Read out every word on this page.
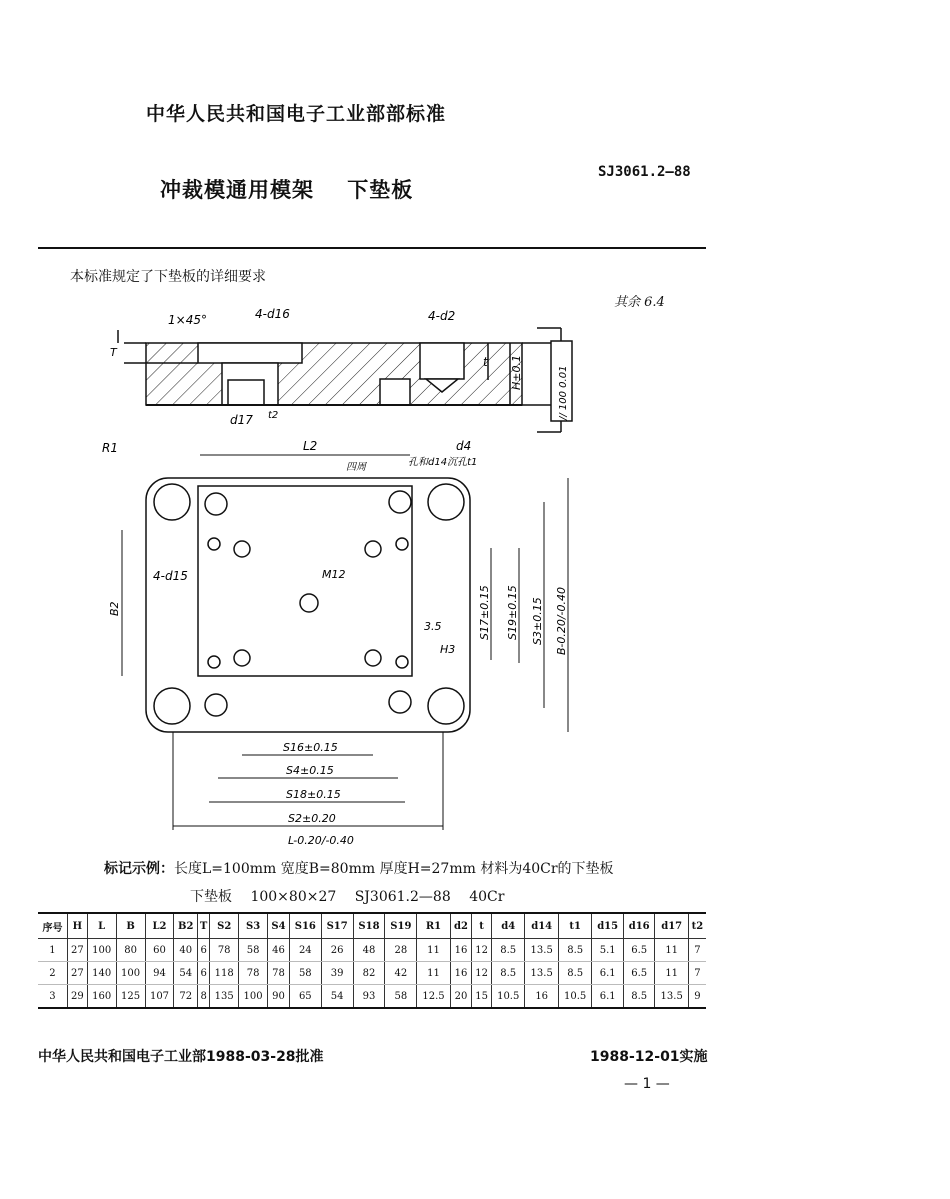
中华人民共和国电子工业部部标准
冲裁模通用模架    下垫板
SJ3061.2—88
本标准规定了下垫板的详细要求
其余 6.4
1×45°	4-d16	4-d2
T
t H±0.1	// 100 0.01
d17 t2
R1	L2	d4
四周	孔和d14沉孔t1
4-d15	M12
B2	S17±0.15 S19±0.15 S3±0.15 B-0.20/-0.40
3.5
H3
S16±0.15
S4±0.15
S18±0.15
S2±0.20
L-0.20/-0.40
标记示例：长度L=100mm 宽度B=80mm 厚度H=27mm 材料为40Cr的下垫板
下垫板 100×80×27 SJ3061.2—88 40Cr
序号	H	L	B	L2	B2	T	S2	S3	S4	S16	S17	S18	S19	R1	d2	t	d4	d14	t1	d15	d16	d17	t2
1	27	100	80	60	40	6	78	58	46	24	26	48	28	11	16	12	8.5	13.5	8.5	5.1	6.5	11	7
2	27	140	100	94	54	6	118	78	78	58	39	82	42	11	16	12	8.5	13.5	8.5	6.1	6.5	11	7
3	29	160	125	107	72	8	135	100	90	65	54	93	58	12.5	20	15	10.5	16	10.5	6.1	8.5	13.5	9
中华人民共和国电子工业部1988-03-28批准	1988-12-01实施
— 1 —
